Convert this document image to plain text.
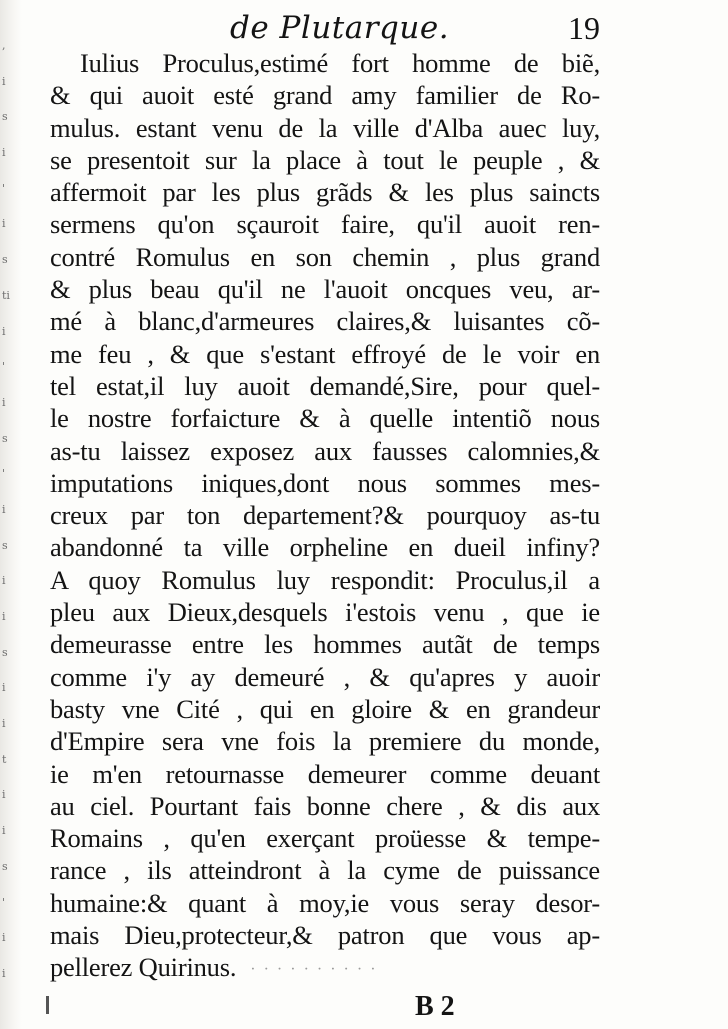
,
i
s
i
'
i
s
ti
i
'
i
s
'
i
s
i
i
s
i
i
t
i
i
s
'
i
i
de Plutarque.	19
Iulius Proculus,estimé fort homme de biẽ,
& qui auoit esté grand amy familier de Ro-
mulus. estant venu de la ville d'Alba auec luy,
se presentoit sur la place à tout le peuple , &
affermoit par les plus grãds & les plus saincts
sermens qu'on sçauroit faire, qu'il auoit ren-
contré Romulus en son chemin , plus grand
& plus beau qu'il ne l'auoit oncques veu, ar-
mé à blanc,d'armeures claires,& luisantes cõ-
me feu , & que s'estant effroyé de le voir en
tel estat,il luy auoit demandé,Sire, pour quel-
le nostre forfaicture & à quelle intentiõ nous
as-tu laissez exposez aux fausses calomnies,&
imputations iniques,dont nous sommes mes-
creux par ton departement?& pourquoy as-tu
abandonné ta ville orpheline en dueil infiny?
A quoy Romulus luy respondit: Proculus,il a
pleu aux Dieux,desquels i'estois venu , que ie
demeurasse entre les hommes autãt de temps
comme i'y ay demeuré , & qu'apres y auoir
basty vne Cité , qui en gloire & en grandeur
d'Empire sera vne fois la premiere du monde,
ie m'en retournasse demeurer comme deuant
au ciel. Pourtant fais bonne chere , & dis aux
Romains , qu'en exerçant proüesse & tempe-
rance , ils atteindront à la cyme de puissance
humaine:& quant à moy,ie vous seray desor-
mais Dieu,protecteur,& patron que vous ap-
pellerez Quirinus. · · · · · · · · · ·
B 2
